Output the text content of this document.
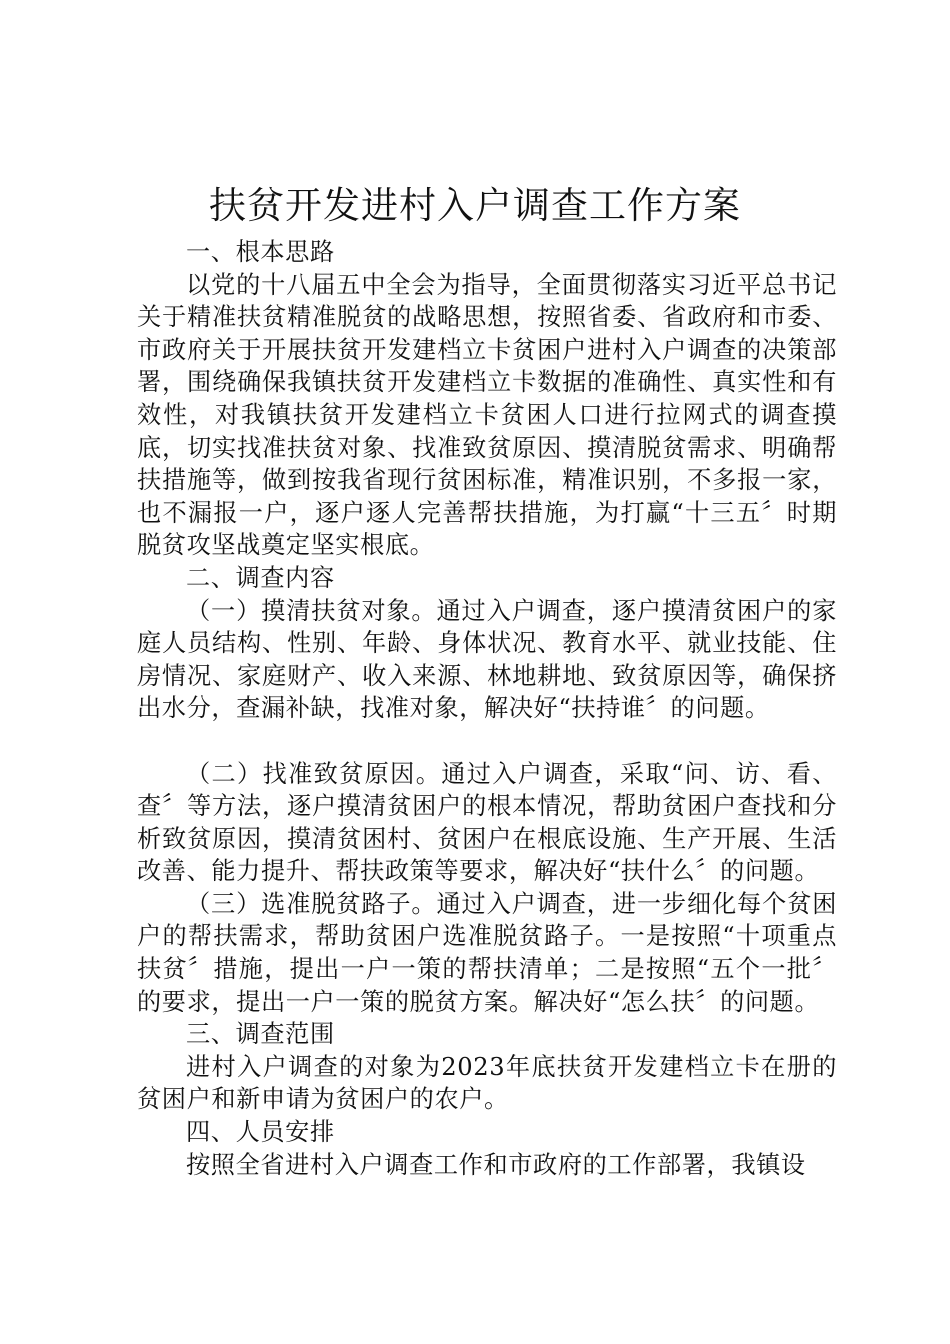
扶贫开发进村入户调查工作方案

一、根本思路

以党的十八届五中全会为指导，全面贯彻落实习近平总书记关于精准扶贫精准脱贫的战略思想，按照省委、省政府和市委、市政府关于开展扶贫开发建档立卡贫困户进村入户调查的决策部署，围绕确保我镇扶贫开发建档立卡数据的准确性、真实性和有效性，对我镇扶贫开发建档立卡贫困人口进行拉网式的调查摸底，切实找准扶贫对象、找准致贫原因、摸清脱贫需求、明确帮扶措施等，做到按我省现行贫困标准，精准识别，不多报一家，也不漏报一户，逐户逐人完善帮扶措施，为打赢“十三五〞时期脱贫攻坚战奠定坚实根底。

二、调查内容

（一）摸清扶贫对象。通过入户调查，逐户摸清贫困户的家庭人员结构、性别、年龄、身体状况、教育水平、就业技能、住房情况、家庭财产、收入来源、林地耕地、致贫原因等，确保挤出水分，查漏补缺，找准对象，解决好“扶持谁〞的问题。

（二）找准致贫原因。通过入户调查，采取“问、访、看、查〞等方法，逐户摸清贫困户的根本情况，帮助贫困户查找和分析致贫原因，摸清贫困村、贫困户在根底设施、生产开展、生活改善、能力提升、帮扶政策等要求，解决好“扶什么〞的问题。

（三）选准脱贫路子。通过入户调查，进一步细化每个贫困户的帮扶需求，帮助贫困户选准脱贫路子。一是按照“十项重点扶贫〞措施，提出一户一策的帮扶清单；二是按照“五个一批〞的要求，提出一户一策的脱贫方案。解决好“怎么扶〞的问题。

三、调查范围

进村入户调查的对象为2023年底扶贫开发建档立卡在册的贫困户和新申请为贫困户的农户。

四、人员安排

按照全省进村入户调查工作和市政府的工作部署，我镇设
